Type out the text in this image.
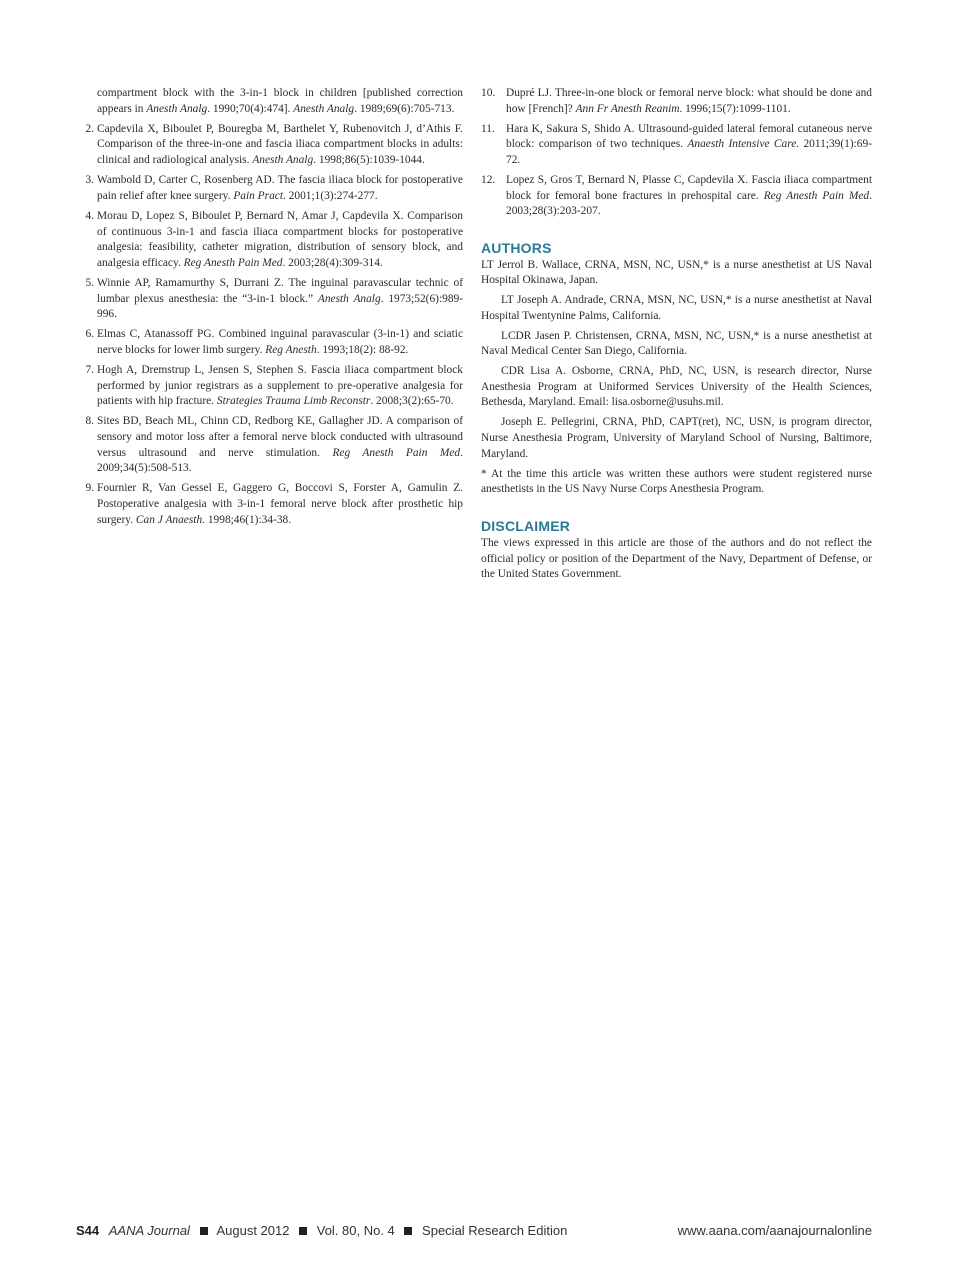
compartment block with the 3-in-1 block in children [published correction appears in Anesth Analg. 1990;70(4):474]. Anesth Analg. 1989;69(6):705-713.
2. Capdevila X, Biboulet P, Bouregba M, Barthelet Y, Rubenovitch J, d’Athis F. Comparison of the three-in-one and fascia iliaca compartment blocks in adults: clinical and radiological analysis. Anesth Analg. 1998;86(5):1039-1044.
3. Wambold D, Carter C, Rosenberg AD. The fascia iliaca block for postoperative pain relief after knee surgery. Pain Pract. 2001;1(3):274-277.
4. Morau D, Lopez S, Biboulet P, Bernard N, Amar J, Capdevila X. Comparison of continuous 3-in-1 and fascia iliaca compartment blocks for postoperative analgesia: feasibility, catheter migration, distribution of sensory block, and analgesia efficacy. Reg Anesth Pain Med. 2003;28(4):309-314.
5. Winnie AP, Ramamurthy S, Durrani Z. The inguinal paravascular technic of lumbar plexus anesthesia: the “3-in-1 block.” Anesth Analg. 1973;52(6):989-996.
6. Elmas C, Atanassoff PG. Combined inguinal paravascular (3-in-1) and sciatic nerve blocks for lower limb surgery. Reg Anesth. 1993;18(2): 88-92.
7. Hogh A, Dremstrup L, Jensen S, Stephen S. Fascia iliaca compartment block performed by junior registrars as a supplement to pre-operative analgesia for patients with hip fracture. Strategies Trauma Limb Reconstr. 2008;3(2):65-70.
8. Sites BD, Beach ML, Chinn CD, Redborg KE, Gallagher JD. A comparison of sensory and motor loss after a femoral nerve block conducted with ultrasound versus ultrasound and nerve stimulation. Reg Anesth Pain Med. 2009;34(5):508-513.
9. Fournier R, Van Gessel E, Gaggero G, Boccovi S, Forster A, Gamulin Z. Postoperative analgesia with 3-in-1 femoral nerve block after prosthetic hip surgery. Can J Anaesth. 1998;46(1):34-38.
10. Dupré LJ. Three-in-one block or femoral nerve block: what should be done and how [French]? Ann Fr Anesth Reanim. 1996;15(7):1099-1101.
11. Hara K, Sakura S, Shido A. Ultrasound-guided lateral femoral cutaneous nerve block: comparison of two techniques. Anaesth Intensive Care. 2011;39(1):69-72.
12. Lopez S, Gros T, Bernard N, Plasse C, Capdevila X. Fascia iliaca compartment block for femoral bone fractures in prehospital care. Reg Anesth Pain Med. 2003;28(3):203-207.
AUTHORS

LT Jerrol B. Wallace, CRNA, MSN, NC, USN,* is a nurse anesthetist at US Naval Hospital Okinawa, Japan.

LT Joseph A. Andrade, CRNA, MSN, NC, USN,* is a nurse anesthetist at Naval Hospital Twentynine Palms, California.

LCDR Jasen P. Christensen, CRNA, MSN, NC, USN,* is a nurse anesthetist at Naval Medical Center San Diego, California.

CDR Lisa A. Osborne, CRNA, PhD, NC, USN, is research director, Nurse Anesthesia Program at Uniformed Services University of the Health Sciences, Bethesda, Maryland. Email: lisa.osborne@usuhs.mil.

Joseph E. Pellegrini, CRNA, PhD, CAPT(ret), NC, USN, is program director, Nurse Anesthesia Program, University of Maryland School of Nursing, Baltimore, Maryland.

* At the time this article was written these authors were student registered nurse anesthetists in the US Navy Nurse Corps Anesthesia Program.

DISCLAIMER

The views expressed in this article are those of the authors and do not reflect the official policy or position of the Department of the Navy, Department of Defense, or the United States Government.

S44 AANA Journal August 2012 Vol. 80, No. 4 Special Research Edition	www.aana.com/aanajournalonline
